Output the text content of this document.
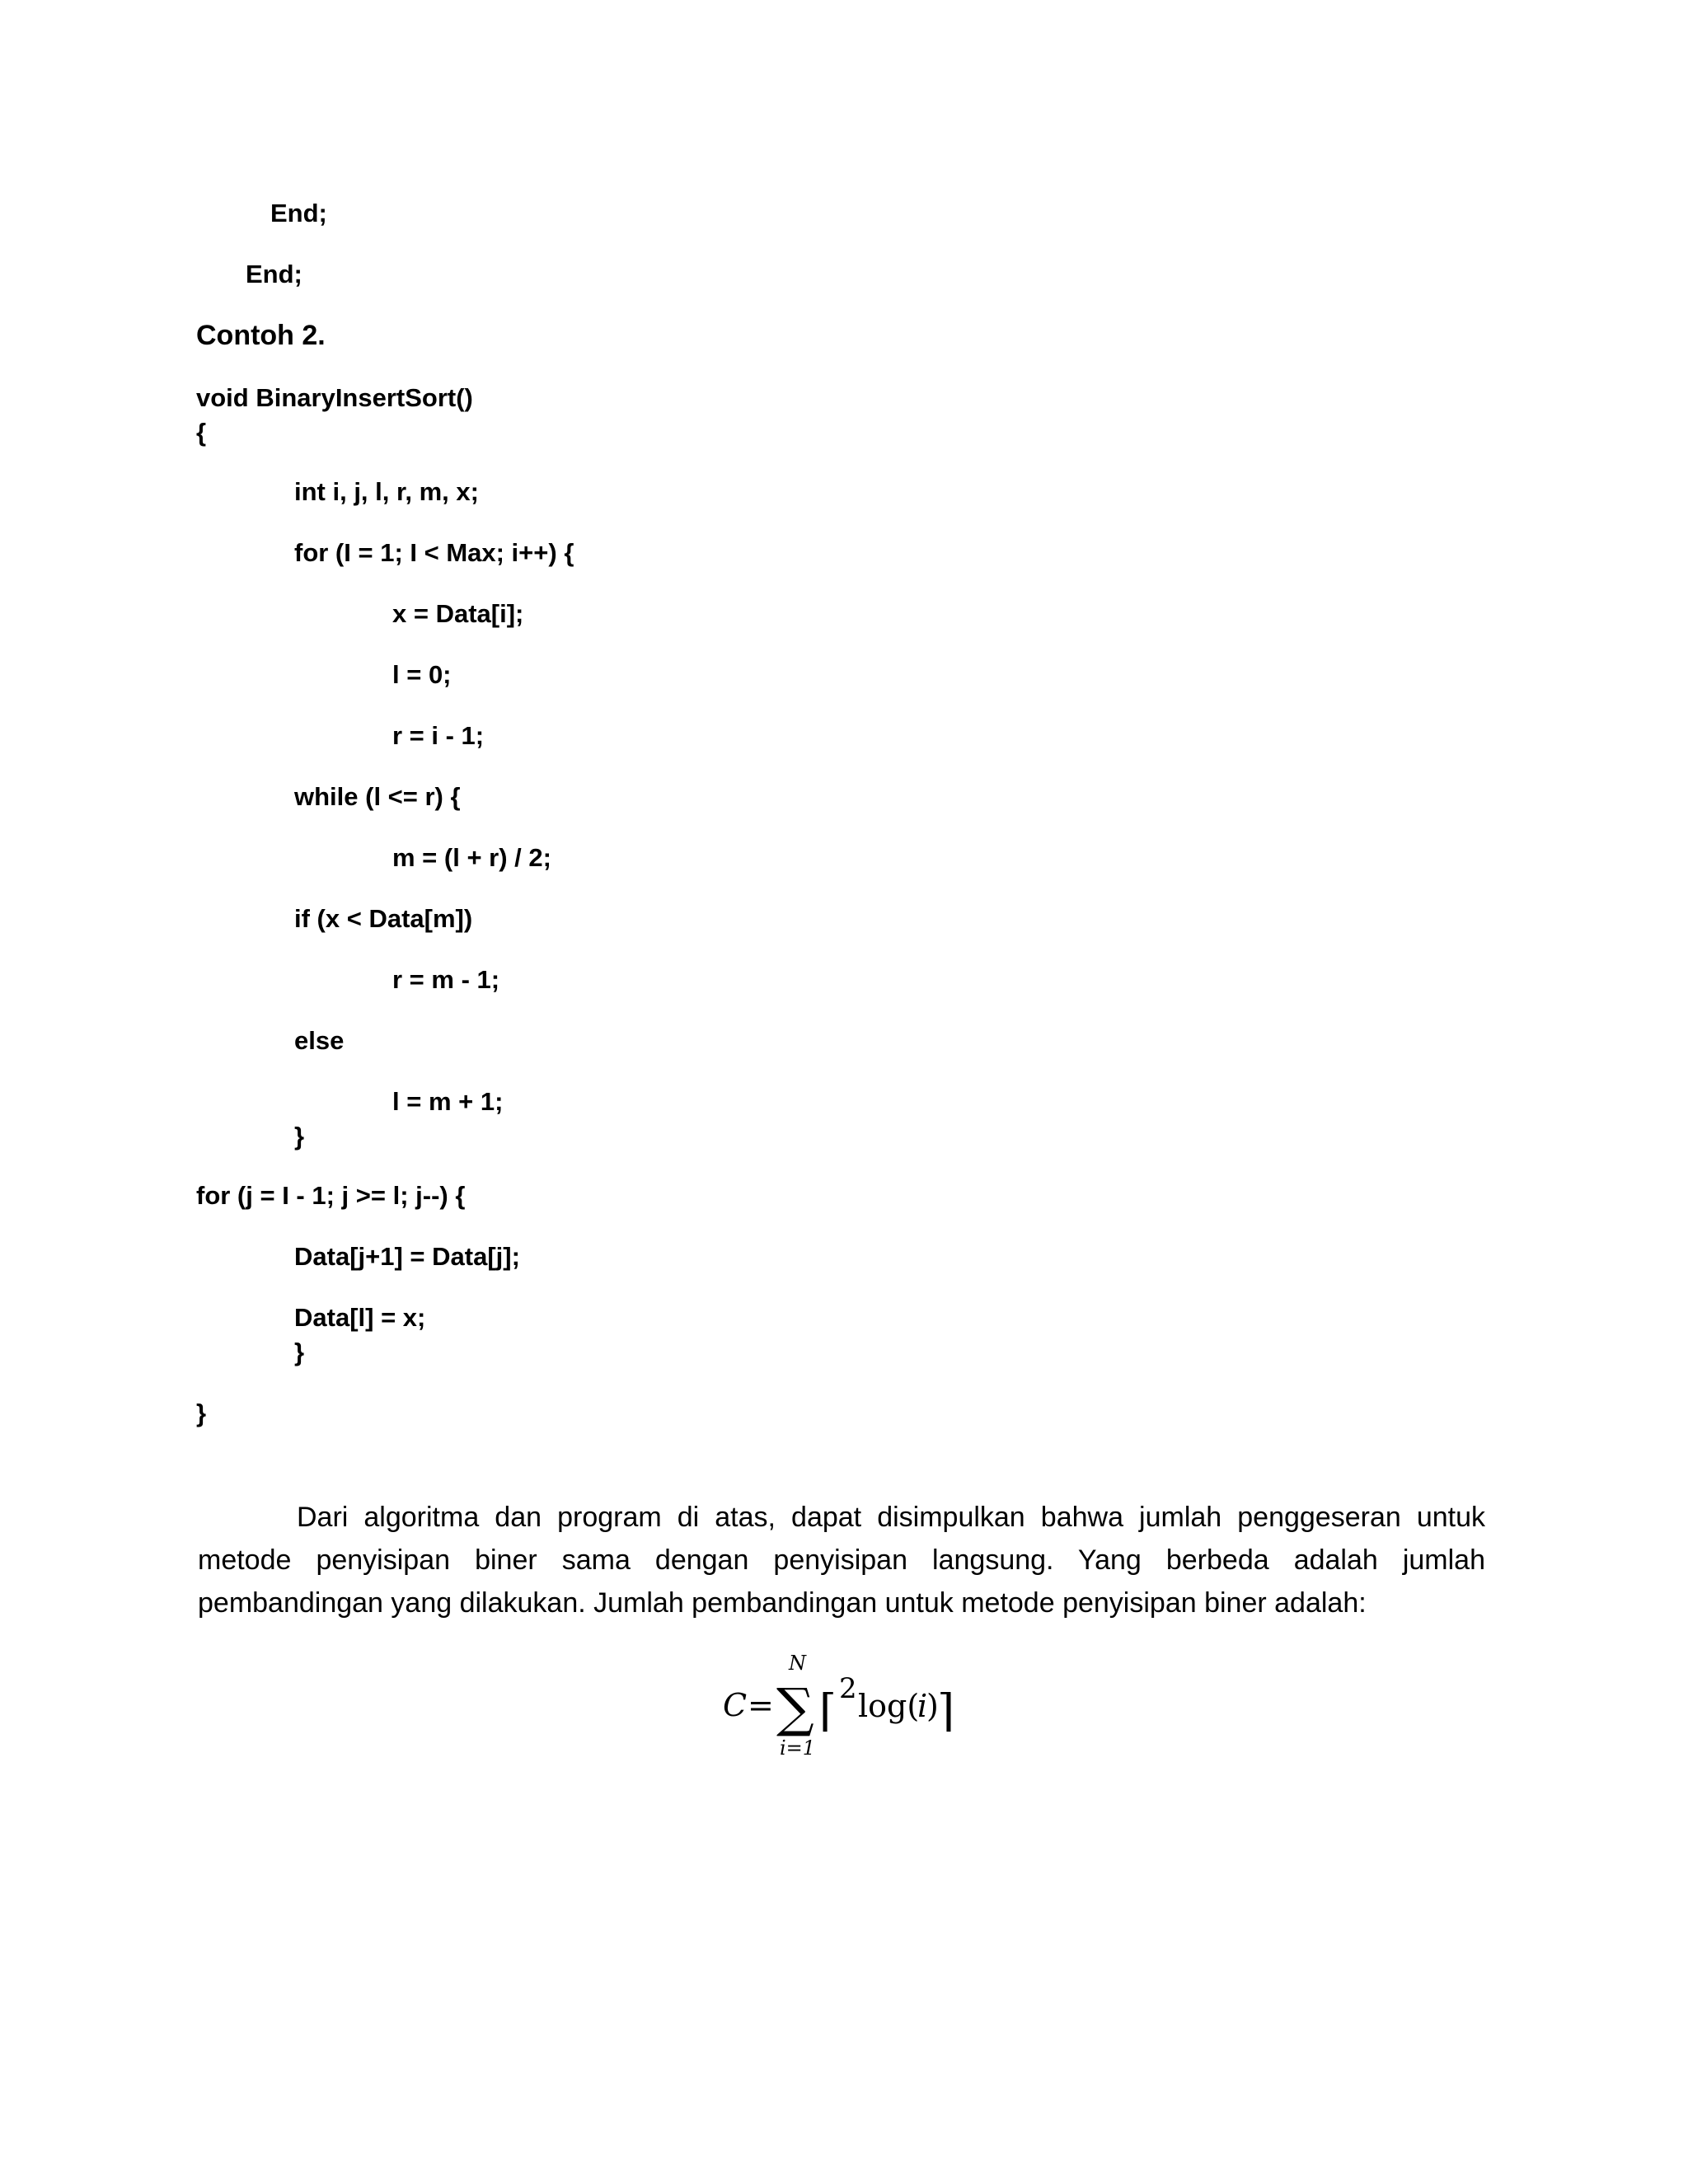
End;
End;
Contoh 2.
void BinaryInsertSort()
{
int i, j, l, r, m, x;
for (I = 1; I < Max; i++) {
x = Data[i];
l = 0;
r = i - 1;
while (l <= r) {
m = (l + r) / 2;
if (x < Data[m])
r = m - 1;
else
l = m + 1;
}
for (j = I - 1; j >= l; j--) {
Data[j+1] = Data[j];
Data[l] = x;
}
}

Dari algoritma dan program di atas, dapat disimpulkan bahwa jumlah penggeseran untuk metode penyisipan biner sama dengan penyisipan langsung. Yang berbeda adalah jumlah pembandingan yang dilakukan. Jumlah pembandingan untuk metode penyisipan biner adalah:

C =
N
∑
i=1
⌈ 2 log(
i
)
⌉
